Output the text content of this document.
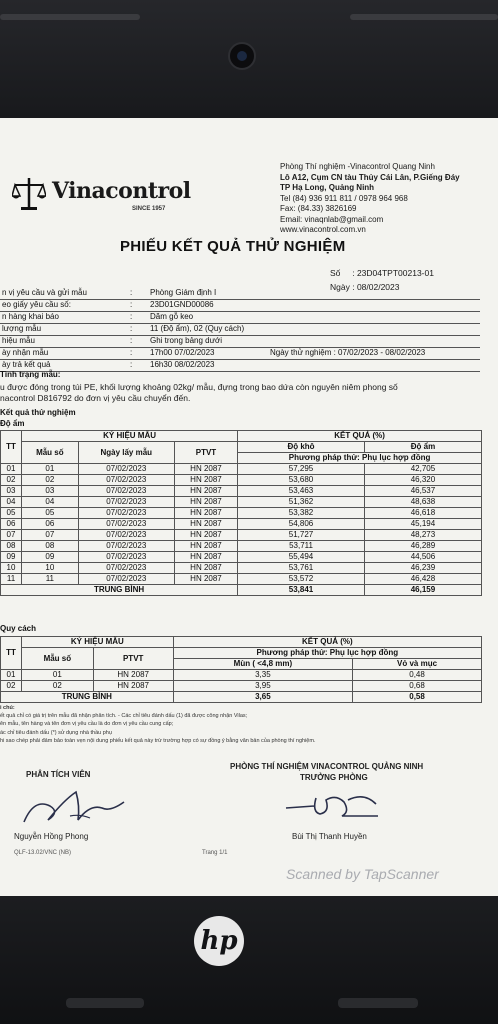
Vinacontrol
SINCE 1957
Phòng Thí nghiệm -Vinacontrol Quang Ninh
Lô A12, Cụm CN tàu Thủy Cái Lân, P.Giếng Đáy
TP Hạ Long, Quảng Ninh
Tel (84) 936 911 811 / 0978 964 968
Fax: (84.33) 3826169
Email: vinaqnlab@gmail.com
www.vinacontrol.com.vn
PHIẾU KẾT QUẢ THỬ NGHIỆM
Số : 23D04TPT00213-01
Ngày : 08/02/2023
n vị yêu cầu và gửi mẫu	: Phòng Giám định I
eo giấy yêu cầu số:	: 23D01GND00086
n hàng khai báo	: Dăm gỗ keo
lượng mẫu	: 11 (Độ ẩm), 02 (Quy cách)
hiệu mẫu	: Ghi trong bảng dưới
ày nhận mẫu	: 17h00 07/02/2023	Ngày thử nghiệm : 07/02/2023 - 08/02/2023
ày trả kết quả	: 16h30 08/02/2023
Tình trạng mẫu:
u được đóng trong túi PE, khối lượng khoảng 02kg/ mẫu, đựng trong bao dứa còn nguyên niêm phong số
nacontrol D816792 do đơn vị yêu cầu chuyển đến.
Kết quả thử nghiệm
Độ ẩm
TT	KÝ HIỆU MẪU			KẾT QUẢ (%)	
	Mẫu số	Ngày lấy mẫu	PTVT	Độ khô	Độ ẩm
				Phương pháp thử: Phụ lục hợp đồng	
01	01	07/02/2023	HN 2087	57,295	42,705
02	02	07/02/2023	HN 2087	53,680	46,320
03	03	07/02/2023	HN 2087	53,463	46,537
04	04	07/02/2023	HN 2087	51,362	48,638
05	05	07/02/2023	HN 2087	53,382	46,618
06	06	07/02/2023	HN 2087	54,806	45,194
07	07	07/02/2023	HN 2087	51,727	48,273
08	08	07/02/2023	HN 2087	53,711	46,289
09	09	07/02/2023	HN 2087	55,494	44,506
10	10	07/02/2023	HN 2087	53,761	46,239
11	11	07/02/2023	HN 2087	53,572	46,428
TRUNG BÌNH				53,841	46,159
Quy cách
TT	KÝ HIỆU MẪU		KẾT QUẢ (%)	
	Mẫu số	PTVT	Phương pháp thử: Phụ lục hợp đồng	
			Mùn ( <4,8 mm)	Vỏ và mục
01	01	HN 2087	3,35	0,48
02	02	HN 2087	3,95	0,68
TRUNG BÌNH			3,65	0,58
i chú:
ết quả chỉ có giá trị trên mẫu đã nhận phân tích. - Các chỉ tiêu đánh dấu (1) đã được công nhận Vilas;
ên mẫu, tên hàng và tên đơn vị yêu cầu là do đơn vị yêu cầu cung cấp;
ác chỉ tiêu đánh dấu (*) sử dụng nhà thầu phụ
hi sao chép phải đảm bảo toàn vẹn nội dung phiếu kết quả này trừ trường hợp có sự đồng ý bằng văn bản của phòng thí nghiệm.
PHÂN TÍCH VIÊN
PHÒNG THÍ NGHIỆM VINACONTROL QUẢNG NINH
TRƯỞNG PHÒNG
Nguyễn Hồng Phong	Bùi Thị Thanh Huyền
QLF-13.02/VNC (NB)	Trang 1/1
Scanned by TapScanner
hp
